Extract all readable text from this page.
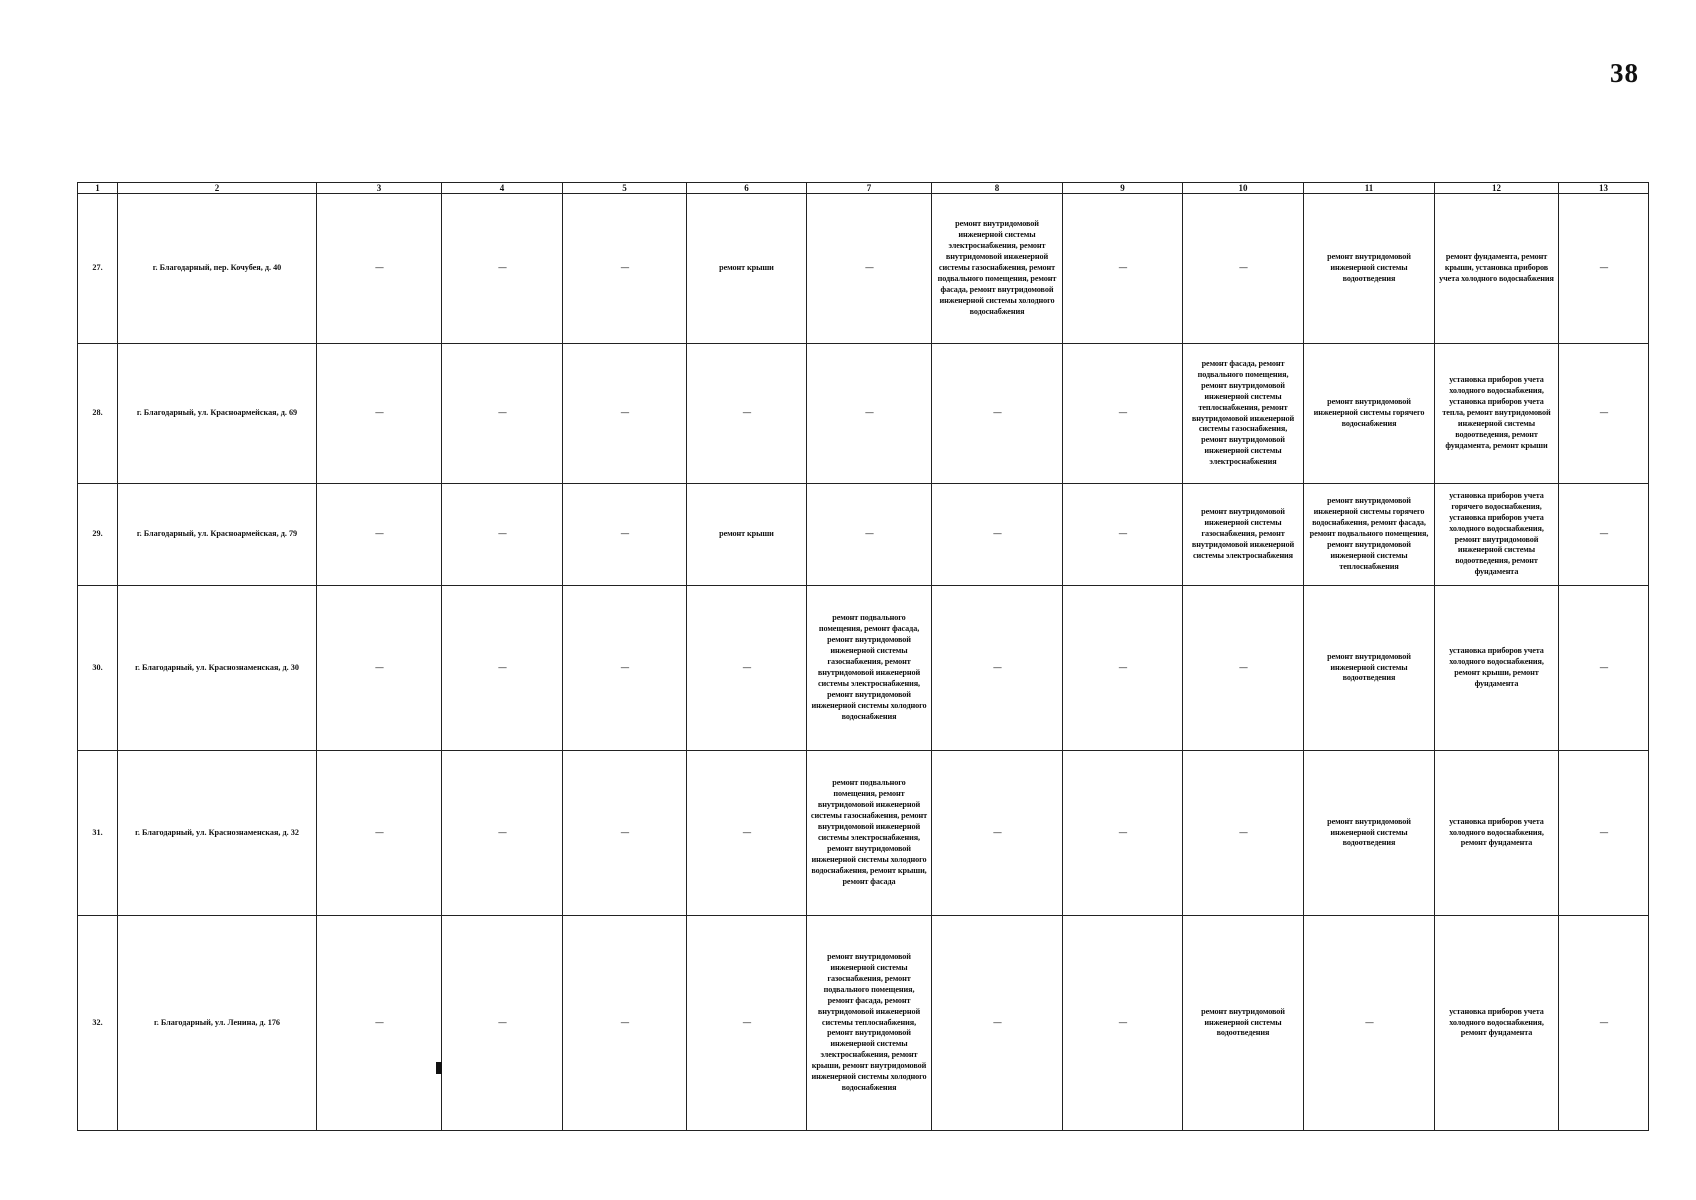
38
1	2	3	4	5	6	7	8	9	10	11	12	13
27.	г. Благодарный, пер. Кочубея, д. 40	—	—	—	ремонт крыши	—	ремонт внутридомовой инженерной системы электроснабжения, ремонт внутридомовой инженерной системы газоснабжения, ремонт подвального помещения, ремонт фасада, ремонт внутридомовой инженерной системы холодного водоснабжения	—	—	ремонт внутридомовой инженерной системы водоотведения	ремонт фундамента, ремонт крыши, установка приборов учета холодного водоснабжения	—
28.	г. Благодарный, ул. Красноармейская, д. 69	—	—	—	—	—	—	—	ремонт фасада, ремонт подвального помещения, ремонт внутридомовой инженерной системы теплоснабжения, ремонт внутридомовой инженерной системы газоснабжения, ремонт внутридомовой инженерной системы электроснабжения	ремонт внутридомовой инженерной системы горячего водоснабжения	установка приборов учета холодного водоснабжения, установка приборов учета тепла, ремонт внутридомовой инженерной системы водоотведения, ремонт фундамента, ремонт крыши	—
29.	г. Благодарный, ул. Красноармейская, д. 79	—	—	—	ремонт крыши	—	—	—	ремонт внутридомовой инженерной системы газоснабжения, ремонт внутридомовой инженерной системы электроснабжения	ремонт внутридомовой инженерной системы горячего водоснабжения, ремонт фасада, ремонт подвального помещения, ремонт внутридомовой инженерной системы теплоснабжения	установка приборов учета горячего водоснабжения, установка приборов учета холодного водоснабжения, ремонт внутридомовой инженерной системы водоотведения, ремонт фундамента	—
30.	г. Благодарный, ул. Краснознаменская, д. 30	—	—	—	—	ремонт подвального помещения, ремонт фасада, ремонт внутридомовой инженерной системы газоснабжения, ремонт внутридомовой инженерной системы электроснабжения, ремонт внутридомовой инженерной системы холодного водоснабжения	—	—	—	ремонт внутридомовой инженерной системы водоотведения	установка приборов учета холодного водоснабжения, ремонт крыши, ремонт фундамента	—
31.	г. Благодарный, ул. Краснознаменская, д. 32	—	—	—	—	ремонт подвального помещения, ремонт внутридомовой инженерной системы газоснабжения, ремонт внутридомовой инженерной системы электроснабжения, ремонт внутридомовой инженерной системы холодного водоснабжения, ремонт крыши, ремонт фасада	—	—	—	ремонт внутридомовой инженерной системы водоотведения	установка приборов учета холодного водоснабжения, ремонт фундамента	—
32.	г. Благодарный, ул. Ленина, д. 176	—	—	—	—	ремонт внутридомовой инженерной системы газоснабжения, ремонт подвального помещения, ремонт фасада, ремонт внутридомовой инженерной системы теплоснабжения, ремонт внутридомовой инженерной системы электроснабжения, ремонт крыши, ремонт внутридомовой инженерной системы холодного водоснабжения	—	—	ремонт внутридомовой инженерной системы водоотведения	—	установка приборов учета холодного водоснабжения, ремонт фундамента	—
